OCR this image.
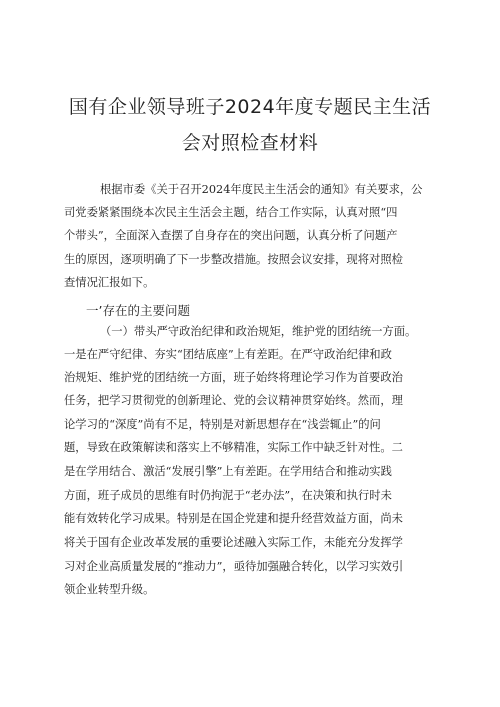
国有企业领导班子2024年度专题民主生活
会对照检查材料
根据市委《关于召开2024年度民主生活会的通知》有关要求，公
司党委紧紧围绕本次民主生活会主题，结合工作实际，认真对照“四
个带头”，全面深入查摆了自身存在的突出问题，认真分析了问题产
生的原因，逐项明确了下一步整改措施。按照会议安排，现将对照检
查情况汇报如下。
一’存在的主要问题
（一）带头严守政治纪律和政治规矩，维护党的团结统一方面。
一是在严守纪律、夯实“团结底座”上有差距。在严守政治纪律和政
治规矩、维护党的团结统一方面，班子始终将理论学习作为首要政治
任务，把学习贯彻党的创新理论、党的会议精神贯穿始终。然而，理
论学习的“深度”尚有不足，特别是对新思想存在“浅尝辄止”的问
题，导致在政策解读和落实上不够精准，实际工作中缺乏针对性。二
是在学用结合、激活“发展引擎”上有差距。在学用结合和推动实践
方面，班子成员的思维有时仍拘泥于“老办法”，在决策和执行时未
能有效转化学习成果。特别是在国企党建和提升经营效益方面，尚未
将关于国有企业改革发展的重要论述融入实际工作，未能充分发挥学
习对企业高质量发展的“推动力”，亟待加强融合转化，以学习实效引
领企业转型升级。
